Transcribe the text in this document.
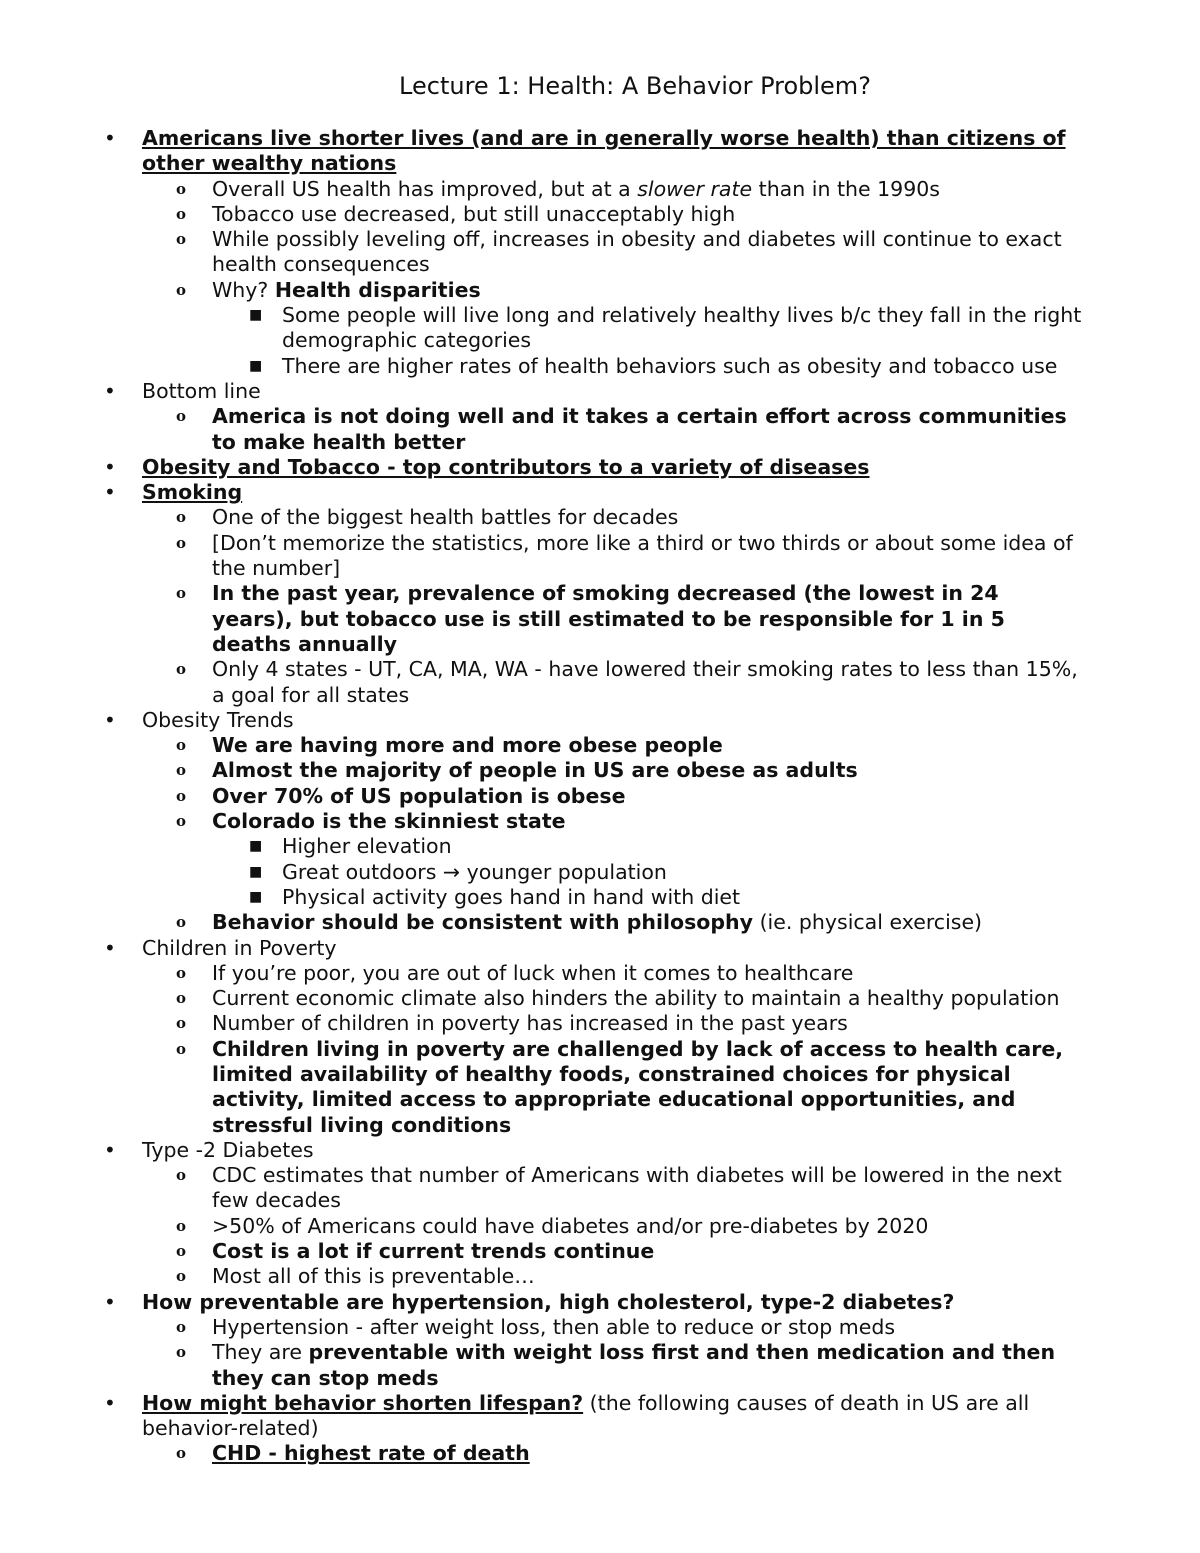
Lecture 1: Health: A Behavior Problem?
• Americans live shorter lives (and are in generally worse health) than citizens of
other wealthy nations
o Overall US health has improved, but at a slower rate than in the 1990s
o Tobacco use decreased, but still unacceptably high
o While possibly leveling off, increases in obesity and diabetes will continue to exact
health consequences
o Why? Health disparities
■ Some people will live long and relatively healthy lives b/c they fall in the right
demographic categories
■ There are higher rates of health behaviors such as obesity and tobacco use
• Bottom line
o America is not doing well and it takes a certain effort across communities
to make health better
• Obesity and Tobacco - top contributors to a variety of diseases
• Smoking
o One of the biggest health battles for decades
o [Don’t memorize the statistics, more like a third or two thirds or about some idea of
the number]
o In the past year, prevalence of smoking decreased (the lowest in 24
years), but tobacco use is still estimated to be responsible for 1 in 5
deaths annually
o Only 4 states - UT, CA, MA, WA - have lowered their smoking rates to less than 15%,
a goal for all states
• Obesity Trends
o We are having more and more obese people
o Almost the majority of people in US are obese as adults
o Over 70% of US population is obese
o Colorado is the skinniest state
■ Higher elevation
■ Great outdoors → younger population
■ Physical activity goes hand in hand with diet
o Behavior should be consistent with philosophy (ie. physical exercise)
• Children in Poverty
o If you’re poor, you are out of luck when it comes to healthcare
o Current economic climate also hinders the ability to maintain a healthy population
o Number of children in poverty has increased in the past years
o Children living in poverty are challenged by lack of access to health care,
limited availability of healthy foods, constrained choices for physical
activity, limited access to appropriate educational opportunities, and
stressful living conditions
• Type -2 Diabetes
o CDC estimates that number of Americans with diabetes will be lowered in the next
few decades
o >50% of Americans could have diabetes and/or pre-diabetes by 2020
o Cost is a lot if current trends continue
o Most all of this is preventable…
• How preventable are hypertension, high cholesterol, type-2 diabetes?
o Hypertension - after weight loss, then able to reduce or stop meds
o They are preventable with weight loss first and then medication and then
they can stop meds
• How might behavior shorten lifespan? (the following causes of death in US are all
behavior-related)
o CHD - highest rate of death
